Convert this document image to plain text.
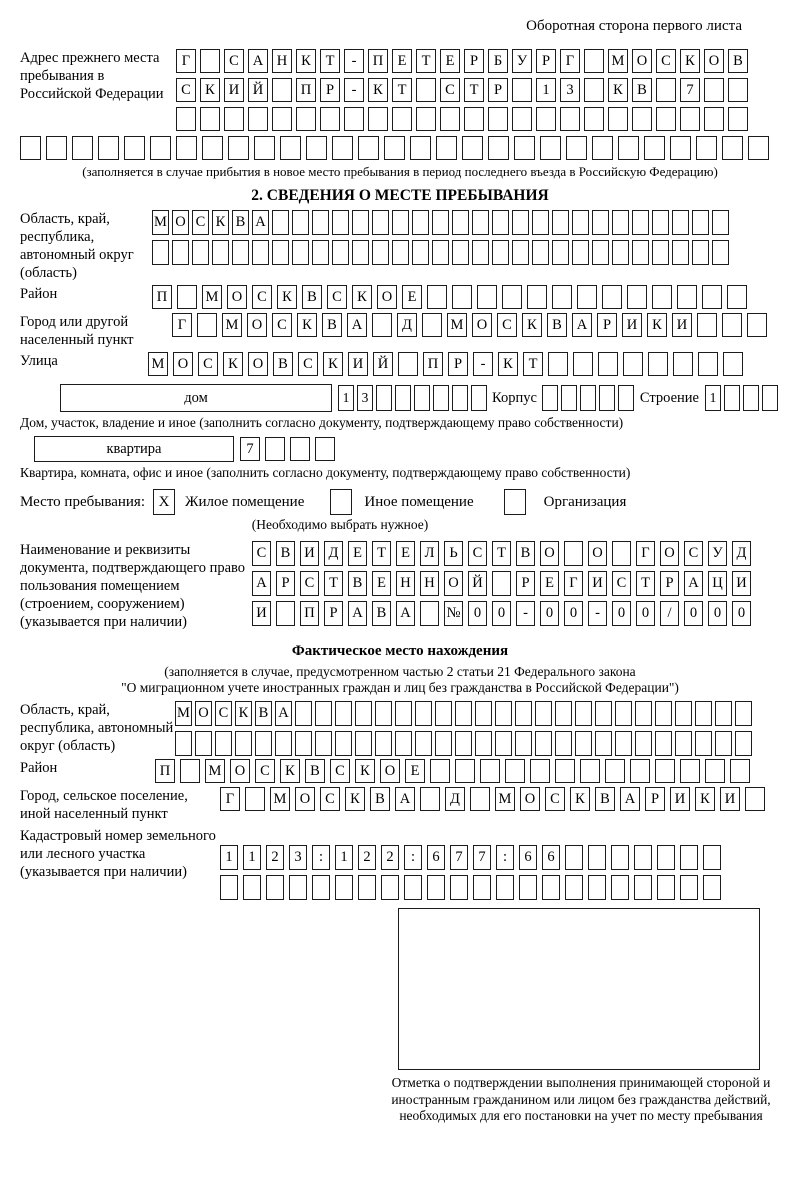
Оборотная сторона первого листа
Адрес прежнего места пребывания в Российской Федерации
Г	С А Н К	Т	-	П Е	Т	Е	Р	Б	У	Р	Г	М О С К О В
С К И Й	П	Р	-	К	Т	С	Т	Р	1	3	К В	7
(заполняется в случае прибытия в новое место пребывания в период последнего въезда в Российскую Федерацию)
2. СВЕДЕНИЯ О МЕСТЕ ПРЕБЫВАНИЯ
Область, край, республика, автономный округ (область)
М О С К В А
Район	П	М О	С	К	В	С	К	О	Е
Город или другой населенный пункт
Г	М О	С	К	В	А	Д	М О	С	К	В	А	Р	И	К	И
Улица	М О	С	К	О	В	С	К	И	Й	П	Р	-	К	Т
дом	1 3	Корпус	Строение 1
Дом, участок, владение и иное (заполнить согласно документу, подтверждающему право собственности)
квартира	7
Квартира, комната, офис и иное (заполнить согласно документу, подтверждающему право собственности)
Место пребывания: X	Жилое помещение	Иное помещение	Организация
(Необходимо выбрать нужное)
Наименование и реквизиты документа, подтверждающего право пользования помещением (строением, сооружением) (указывается при наличии)
С В И Д	Е	Т	Е	Л	Ь	С	Т	В О	О	Г	О С У Д
А	Р	С	Т	В	Е Н Н О Й	Р	Е	Г	И С	Т	Р	А Ц И
И	П	Р	А В А № 0	0	-	0	0	-	0	0	/	0	0	0
Фактическое место нахождения
(заполняется в случае, предусмотренном частью 2 статьи 21 Федерального закона
"О миграционном учете иностранных граждан и лиц без гражданства в Российской Федерации")
Область, край, республика, автономный округ (область)
М О С К В А
Район	П	М О	С	К	В	С	К	О	Е
Город, сельское поселение, иной населенный пункт
Г	М О	С	К	В	А	Д	М О	С	К	В	А	Р	И	К	И
Кадастровый номер земельного или лесного участка (указывается при наличии)
1	1	2	3	:	1	2	2	:	6	7	7	:	6	6
Отметка о подтверждении выполнения принимающей стороной и иностранным гражданином или лицом без гражданства действий, необходимых для его постановки на учет по месту пребывания
